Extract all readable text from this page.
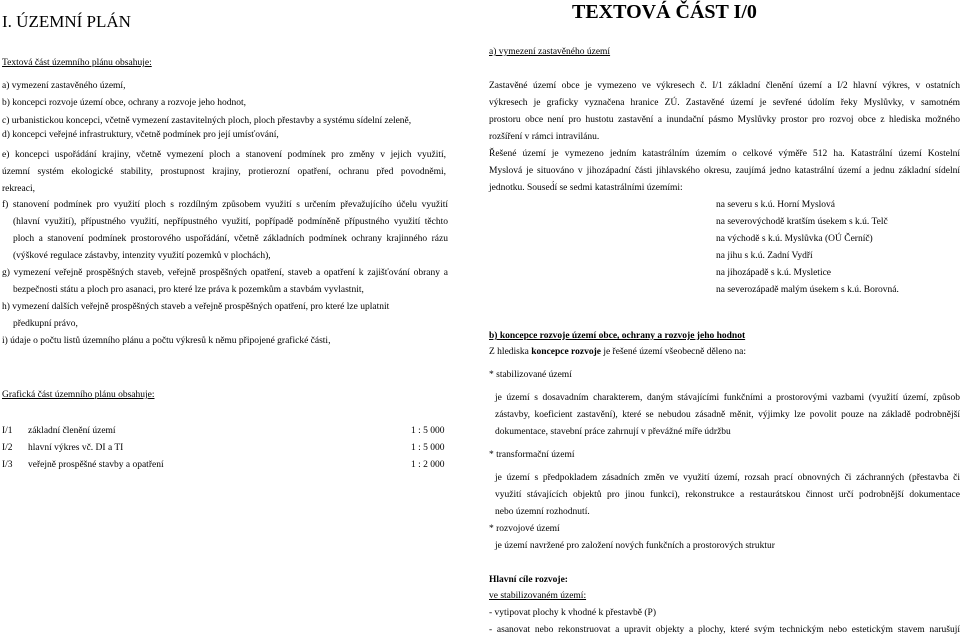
I. ÚZEMNÍ PLÁN
Textová část územního plánu obsahuje:
a) vymezení zastavěného území,
b) koncepci rozvoje území obce, ochrany a rozvoje jeho hodnot,
c) urbanistickou koncepci, včetně vymezení zastavitelných ploch, ploch přestavby a systému sídelní zeleně,
d) koncepci veřejné infrastruktury, včetně podmínek pro její umísťování,
e) koncepci uspořádání krajiny, včetně vymezení ploch a stanovení podmínek pro změny v jejich využití,
územní systém ekologické stability, prostupnost krajiny, protierozní opatření, ochranu před povodněmi,
rekreaci,
f) stanovení podmínek pro využití ploch s rozdílným způsobem využití s určením převažujícího účelu využití
(hlavní využití), přípustného využití, nepřípustného využití, popřípadě podmíněně přípustného využití těchto
ploch a stanovení podmínek prostorového uspořádání, včetně základních podmínek ochrany krajinného rázu
(výškové regulace zástavby, intenzity využití pozemků v plochách),
g) vymezení veřejně prospěšných staveb, veřejně prospěšných opatření, staveb a opatření k zajišťování obrany a
bezpečnosti státu a ploch pro asanaci, pro které lze práva k pozemkům a stavbám vyvlastnit,
h) vymezení dalších veřejně prospěšných staveb a veřejně prospěšných opatření, pro které lze uplatnit
předkupní právo,
i) údaje o počtu listů územního plánu a počtu výkresů k němu připojené grafické části,
Grafická část územního plánu obsahuje:
I/1 základní členění území	1 : 5 000
I/2 hlavní výkres vč. DI a TI	1 : 5 000
I/3 veřejně prospěšné stavby a opatření	1 : 2 000
TEXTOVÁ ČÁST I/0
a) vymezení zastavěného území
Zastavěné území obce je vymezeno ve výkresech č. I/1 základní členění území a I/2 hlavní výkres, v ostatních
výkresech je graficky vyznačena hranice ZÚ. Zastavěné území je sevřené údolím řeky Myslůvky, v samotném
prostoru obce není pro hustotu zastavění a inundační pásmo Myslůvky prostor pro rozvoj obce z hlediska možného
rozšíření v rámci intravilánu.
Řešené území je vymezeno jedním katastrálním územím o celkové výměře 512 ha. Katastrální území Kostelní
Myslová je situováno v jihozápadní části jihlavského okresu, zaujímá jedno katastrální území a jednu základní sídelní
jednotku. Soused́í se sedmi katastrálními územími:
na severu s k.ú. Horní Myslová
na severovýchodě kratším úsekem s k.ú. Telč
na východě s k.ú. Myslůvka (OÚ Černíč)
na jihu s k.ú. Zadní Vydří
na jihozápadě s k.ú. Mysletice
na severozápadě malým úsekem s k.ú. Borovná.
b) koncepce rozvoje území obce, ochrany a rozvoje jeho hodnot
Z hlediska koncepce rozvoje je řešené území všeobecně děleno na:
* stabilizované území
je území s dosavadním charakterem, daným stávajícími funkčními a prostorovými vazbami (využití území, způsob
zástavby, koeficient zastavění), které se nebudou zásadně měnit, výjimky lze povolit pouze na základě podrobnější
dokumentace, stavební práce zahrnují v převážné míře údržbu
* transformační území
je území s předpokladem zásadních změn ve využití území, rozsah prací obnovných či záchranných (přestavba či
využití stávajících objektů pro jinou funkci), rekonstrukce a restaurátskou činnost určí podrobnější dokumentace
nebo územní rozhodnutí.
* rozvojové území
je území navržené pro založení nových funkčních a prostorových struktur
Hlavní cíle rozvoje:
ve stabilizovaném území:
- vytipovat plochy k vhodné k přestavbě (P)
- asanovat nebo rekonstruovat a upravit objekty a plochy, které svým technickým nebo estetickým stavem narušují
